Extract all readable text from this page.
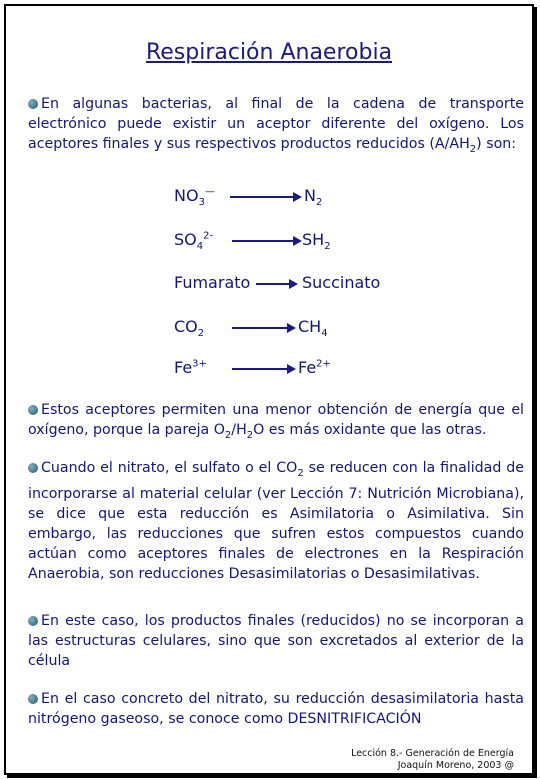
Respiración Anaerobia
En algunas bacterias, al final de la cadena de transporte electrónico puede existir un aceptor diferente del oxígeno. Los aceptores finales y sus respectivos productos reducidos $(A/AH_2)$ son:
$NO_3^—$	$N_2$
$SO_4^{2-}$	$SH_2$
Fumarato	Succinato
$CO_2$	$CH_4$
$Fe^{3+}$	$Fe^{2+}$
Estos aceptores permiten una menor obtención de energía que el oxígeno, porque la pareja $O_2/H_2O$ es más oxidante que las otras.
Cuando el nitrato, el sulfato o el $CO_2$ se reducen con la finalidad de incorporarse al material celular (ver Lección 7: Nutrición Microbiana), se dice que esta reducción es Asimilatoria o Asimilativa. Sin embargo, las reducciones que sufren estos compuestos cuando actúan como aceptores finales de electrones en la Respiración Anaerobia, son reducciones Desasimilatorias o Desasimilativas.
En este caso, los productos finales (reducidos) no se incorporan a las estructuras celulares, sino que son excretados al exterior de la célula
En el caso concreto del nitrato, su reducción desasimilatoria hasta nitrógeno gaseoso, se conoce como DESNITRIFICACIÓN
Lección 8.- Generación de Energía
Joaquín Moreno, 2003 @
